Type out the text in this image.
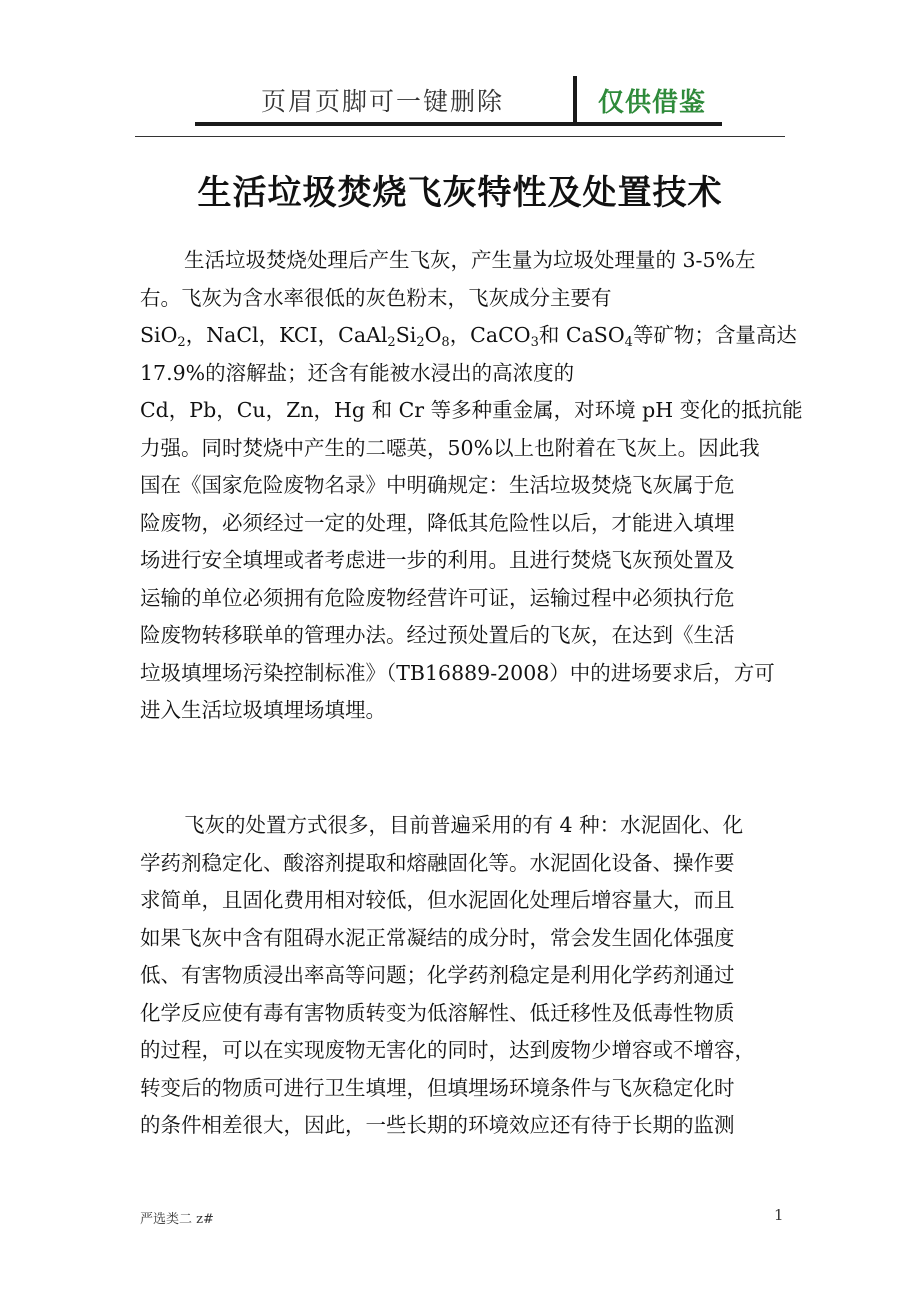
页眉页脚可一键删除	仅供借鉴
生活垃圾焚烧飞灰特性及处置技术
生活垃圾焚烧处理后产生飞灰，产生量为垃圾处理量的 3-5%左
右。飞灰为含水率很低的灰色粉末，飞灰成分主要有
SiO$_2$，NaCl，KCI，$CaAl_2Si_2O_8$，CaCO$_3$和 CaSO$_4$等矿物；含量高达
17.9%的溶解盐；还含有能被水浸出的高浓度的
Cd，Pb，Cu，Zn，Hg 和 Cr 等多种重金属，对环境 pH 变化的抵抗能
力强。同时焚烧中产生的二噁英，50%以上也附着在飞灰上。因此我
国在《国家危险废物名录》中明确规定：生活垃圾焚烧飞灰属于危
险废物，必须经过一定的处理，降低其危险性以后，才能进入填埋
场进行安全填埋或者考虑进一步的利用。且进行焚烧飞灰预处置及
运输的单位必须拥有危险废物经营许可证，运输过程中必须执行危
险废物转移联单的管理办法。经过预处置后的飞灰，在达到《生活
垃圾填埋场污染控制标准》（TB16889-2008）中的进场要求后，方可
进入生活垃圾填埋场填埋。
飞灰的处置方式很多，目前普遍采用的有 4 种：水泥固化、化
学药剂稳定化、酸溶剂提取和熔融固化等。水泥固化设备、操作要
求简单，且固化费用相对较低，但水泥固化处理后增容量大，而且
如果飞灰中含有阻碍水泥正常凝结的成分时，常会发生固化体强度
低、有害物质浸出率高等问题；化学药剂稳定是利用化学药剂通过
化学反应使有毒有害物质转变为低溶解性、低迁移性及低毒性物质
的过程，可以在实现废物无害化的同时，达到废物少增容或不增容，
转变后的物质可进行卫生填埋，但填埋场环境条件与飞灰稳定化时
的条件相差很大，因此，一些长期的环境效应还有待于长期的监测
严选类二 z#	1
